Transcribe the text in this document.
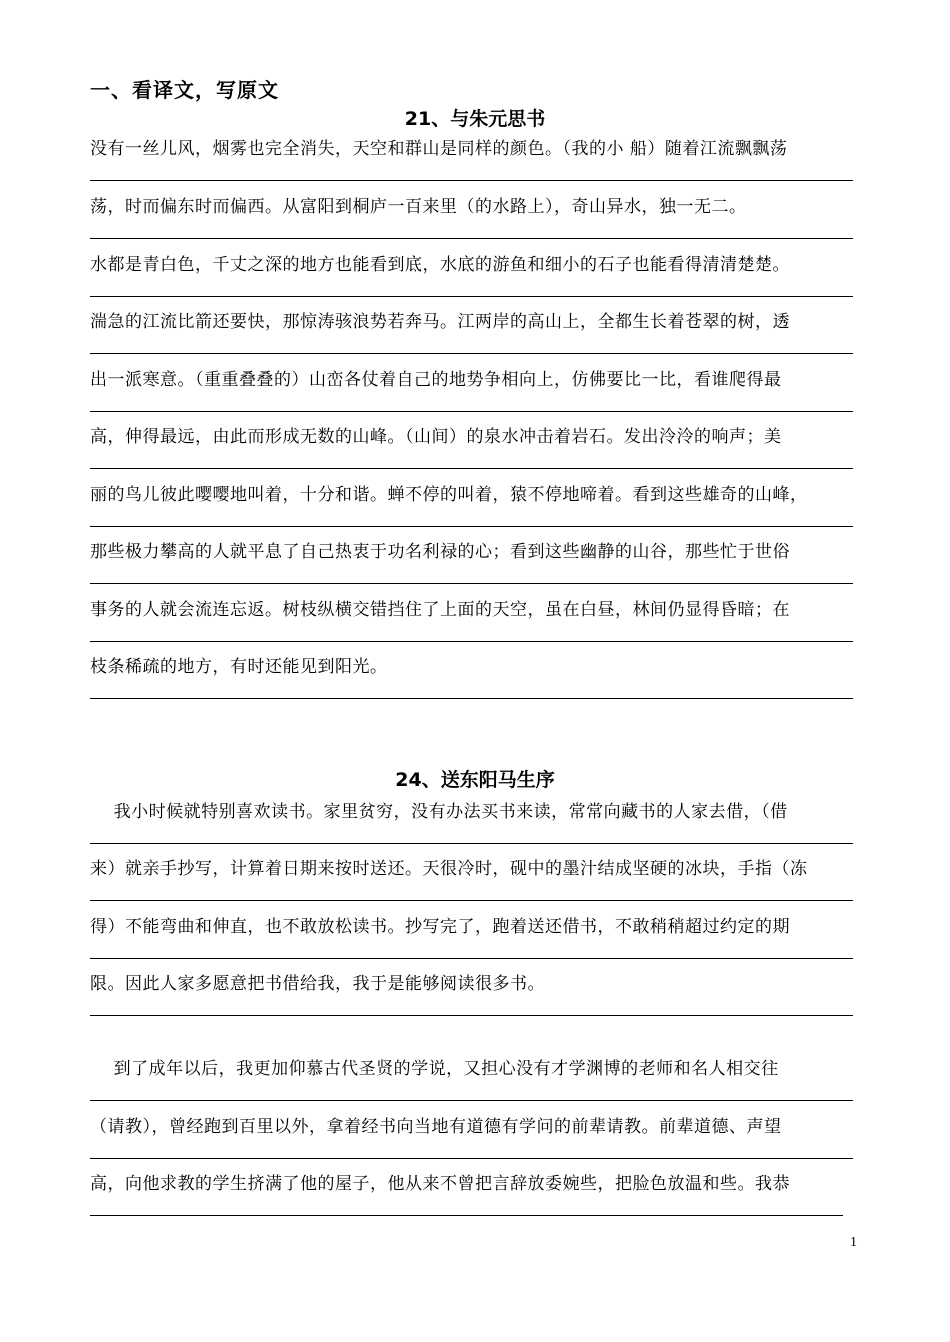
一、看译文，写原文
21、与朱元思书
没有一丝儿风，烟雾也完全消失，天空和群山是同样的颜色。（我的小 船）随着江流飘飘荡
荡，时而偏东时而偏西。从富阳到桐庐一百来里（的水路上），奇山异水，独一无二。
水都是青白色，千丈之深的地方也能看到底，水底的游鱼和细小的石子也能看得清清楚楚。
湍急的江流比箭还要快，那惊涛骇浪势若奔马。江两岸的高山上，全都生长着苍翠的树，透
出一派寒意。（重重叠叠的）山峦各仗着自己的地势争相向上，仿佛要比一比，看谁爬得最
高，伸得最远，由此而形成无数的山峰。（山间）的泉水冲击着岩石。发出泠泠的响声；美
丽的鸟儿彼此嘤嘤地叫着，十分和谐。蝉不停的叫着，猿不停地啼着。看到这些雄奇的山峰，
那些极力攀高的人就平息了自己热衷于功名利禄的心；看到这些幽静的山谷，那些忙于世俗
事务的人就会流连忘返。树枝纵横交错挡住了上面的天空，虽在白昼，林间仍显得昏暗；在
枝条稀疏的地方，有时还能见到阳光。
24、送东阳马生序
我小时候就特别喜欢读书。家里贫穷，没有办法买书来读，常常向藏书的人家去借，（借
来）就亲手抄写，计算着日期来按时送还。天很冷时，砚中的墨汁结成坚硬的冰块，手指（冻
得）不能弯曲和伸直，也不敢放松读书。抄写完了，跑着送还借书，不敢稍稍超过约定的期
限。因此人家多愿意把书借给我，我于是能够阅读很多书。
到了成年以后，我更加仰慕古代圣贤的学说，又担心没有才学渊博的老师和名人相交往
（请教），曾经跑到百里以外，拿着经书向当地有道德有学问的前辈请教。前辈道德、声望
高，向他求教的学生挤满了他的屋子，他从来不曾把言辞放委婉些，把脸色放温和些。我恭
1
